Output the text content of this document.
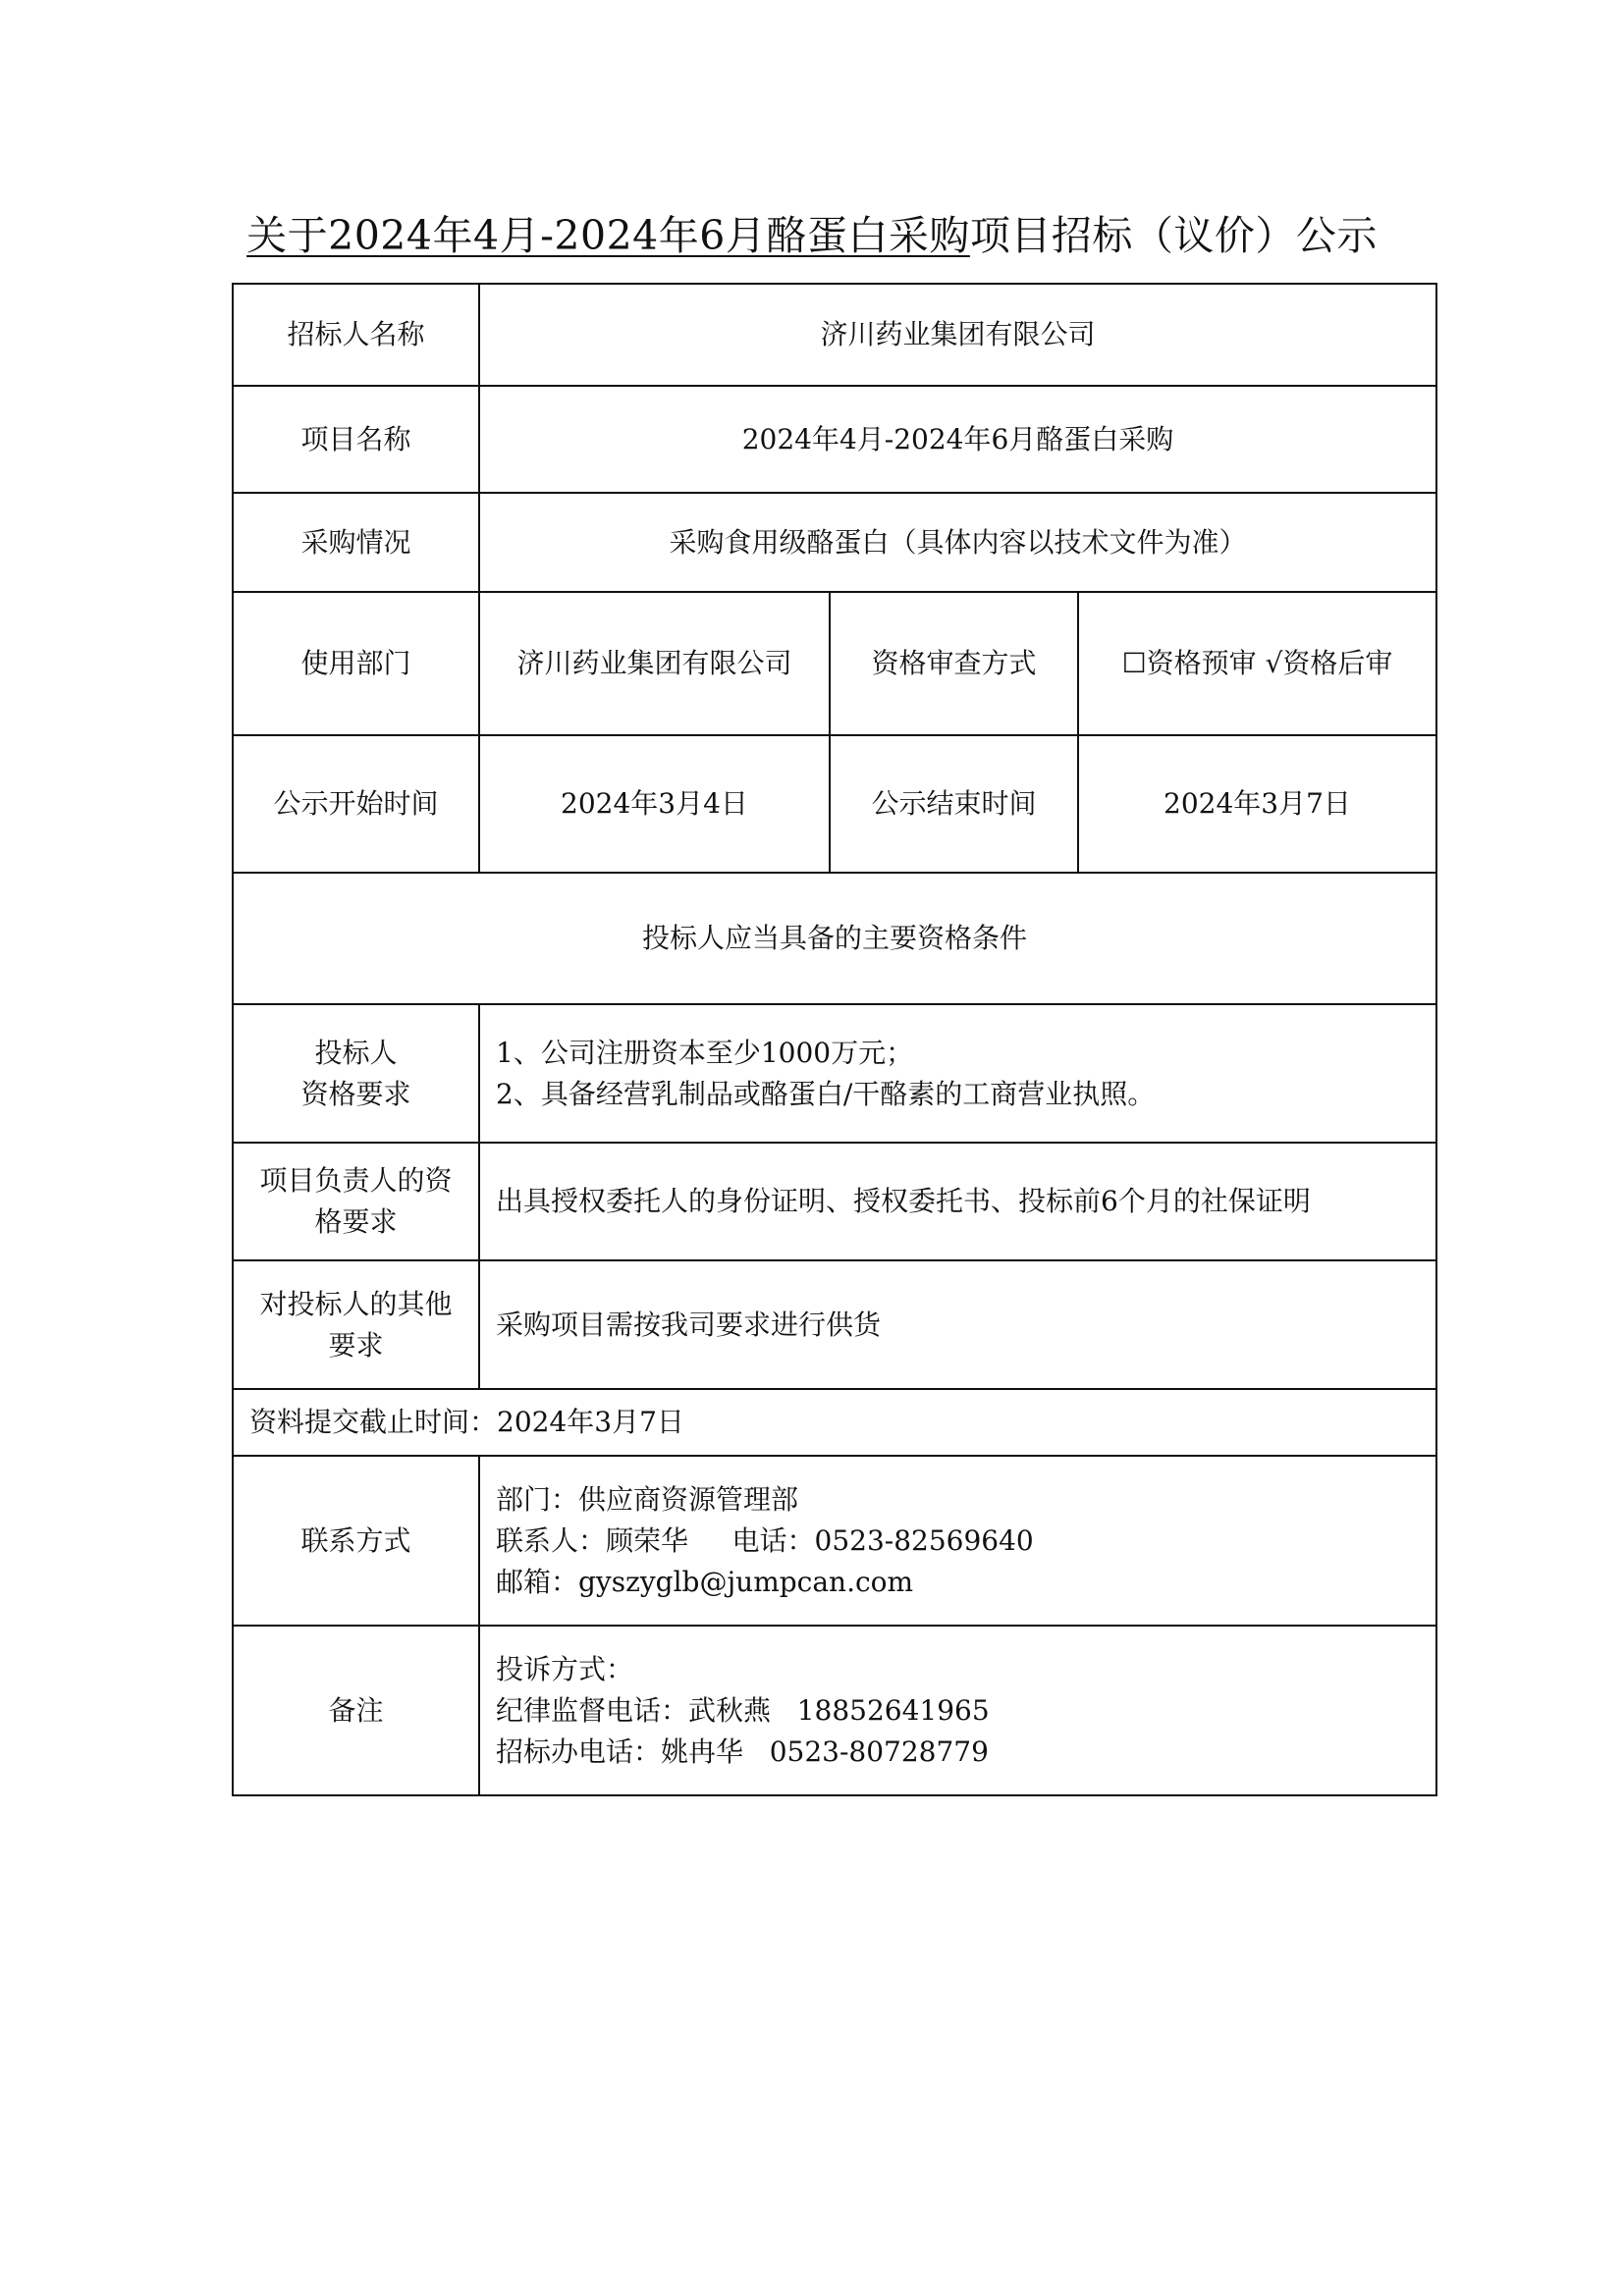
关于2024年4月-2024年6月酪蛋白采购项目招标（议价）公示
招标人名称	济川药业集团有限公司		
项目名称	2024年4月-2024年6月酪蛋白采购		
采购情况	采购食用级酪蛋白（具体内容以技术文件为准）		
使用部门	济川药业集团有限公司	资格审查方式	☐资格预审 √资格后审
公示开始时间	2024年3月4日	公示结束时间	2024年3月7日
投标人应当具备的主要资格条件			

投标人
资格要求	1、公司注册资本至少1000万元；
2、具备经营乳制品或酪蛋白/干酪素的工商营业执照。		

项目负责人的资
格要求	出具授权委托人的身份证明、授权委托书、投标前6个月的社保证明		

对投标人的其他
要求	采购项目需按我司要求进行供货		
资料提交截止时间：2024年3月7日			
联系方式	部门：供应商资源管理部
联系人：顾荣华     电话：0523-82569640
邮箱：gyszyglb@jumpcan.com		

备注	投诉方式：
纪律监督电话：武秋燕   18852641965
招标办电话：姚冉华   0523-80728779		
